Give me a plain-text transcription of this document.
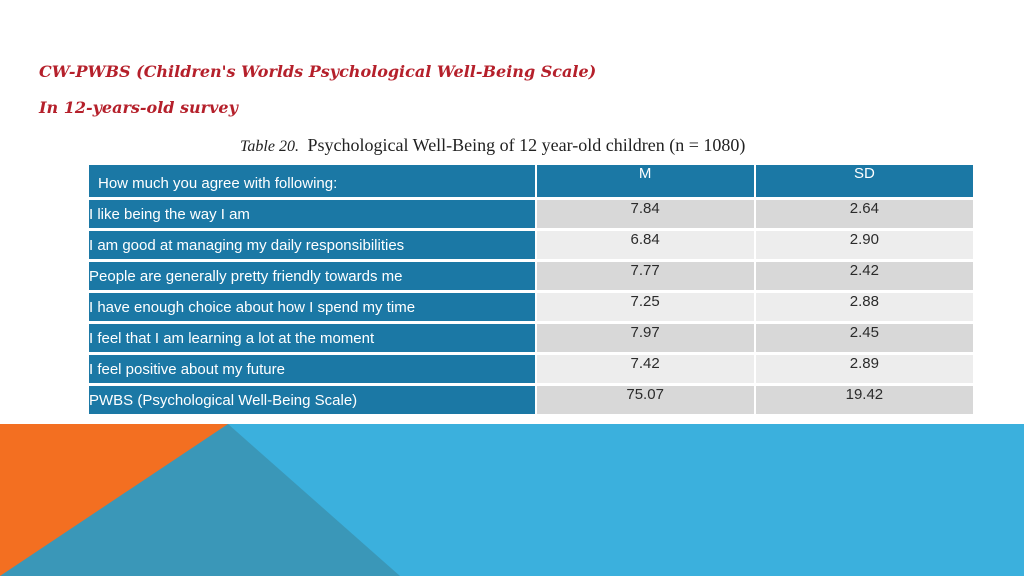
CW-PWBS (Children's Worlds Psychological Well-Being Scale)
In 12-years-old survey
Table 20. Psychological Well-Being of 12 year-old children (n = 1080)
How much you agree with following:	M	SD
I like being the way I am	7.84	2.64
I am good at managing my daily responsibilities	6.84	2.90
People are generally pretty friendly towards me	7.77	2.42
I have enough choice about how I spend my time	7.25	2.88
I feel that I am learning a lot at the moment	7.97	2.45
I feel positive about my future	7.42	2.89
PWBS (Psychological Well-Being Scale)	75.07	19.42
